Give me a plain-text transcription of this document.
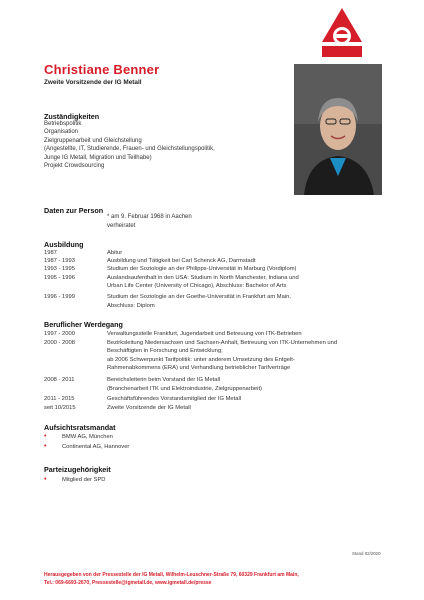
Christiane Benner
Zweite Vorsitzende der IG Metall
Zuständigkeiten
Betriebspolitik
Organisation
Zielgruppenarbeit und Gleichstellung
(Angestellte, IT, Studierende, Frauen- und Gleichstellungspolitik,
Junge IG Metall, Migration und Teilhabe)
Projekt Crowdsourcing
Daten zur Person
* am 9. Februar 1968 in Aachen
verheiratet
Ausbildung
1987	Abitur
1987 - 1993	Ausbildung und Tätigkeit bei Carl Schenck AG, Darmstadt
1993 - 1995	Studium der Soziologie an der Philipps-Universität in Marburg (Vordiplom)
1995 - 1996	Auslandsaufenthalt in den USA: Studium in North Manchester, Indiana und
Urban Life Center (University of Chicago), Abschluss: Bachelor of Arts
1996 - 1999	Studium der Soziologie an der Goethe-Universität in Frankfurt am Main,
Abschluss: Diplom
Beruflicher Werdegang
1997 - 2000	Verwaltungsstelle Frankfurt, Jugendarbeit und Betreuung von ITK-Betrieben
2000 - 2008	Bezirksleitung Niedersachsen und Sachsen-Anhalt, Betreuung von ITK-Unternehmen und
Beschäftigten in Forschung und Entwicklung;
ab 2006 Schwerpunkt Tarifpolitik: unter anderem Umsetzung des Entgelt-
Rahmenabkommens (ERA) und Verhandlung betrieblicher Tarifverträge
2008 - 2011	Bereichsleiterin beim Vorstand der IG Metall
(Branchenarbeit ITK und Elektroindustrie, Zielgruppenarbeit)
2011 - 2015	Geschäftsführendes Vorstandsmitglied der IG Metall
seit 10/2015	Zweite Vorsitzende der IG Metall
Aufsichtsratsmandat
•	BMW AG, München
•	Continental AG, Hannover
Parteizugehörigkeit
•	Mitglied der SPD
Stand 02/2020
Herausgegeben von der Pressestelle der IG Metall, Wilhelm-Leuschner-Straße 79, 60329 Frankfurt am Main,
Tel.: 069-6693-2670, Pressestelle@igmetall.de, www.igmetall.de/presse
